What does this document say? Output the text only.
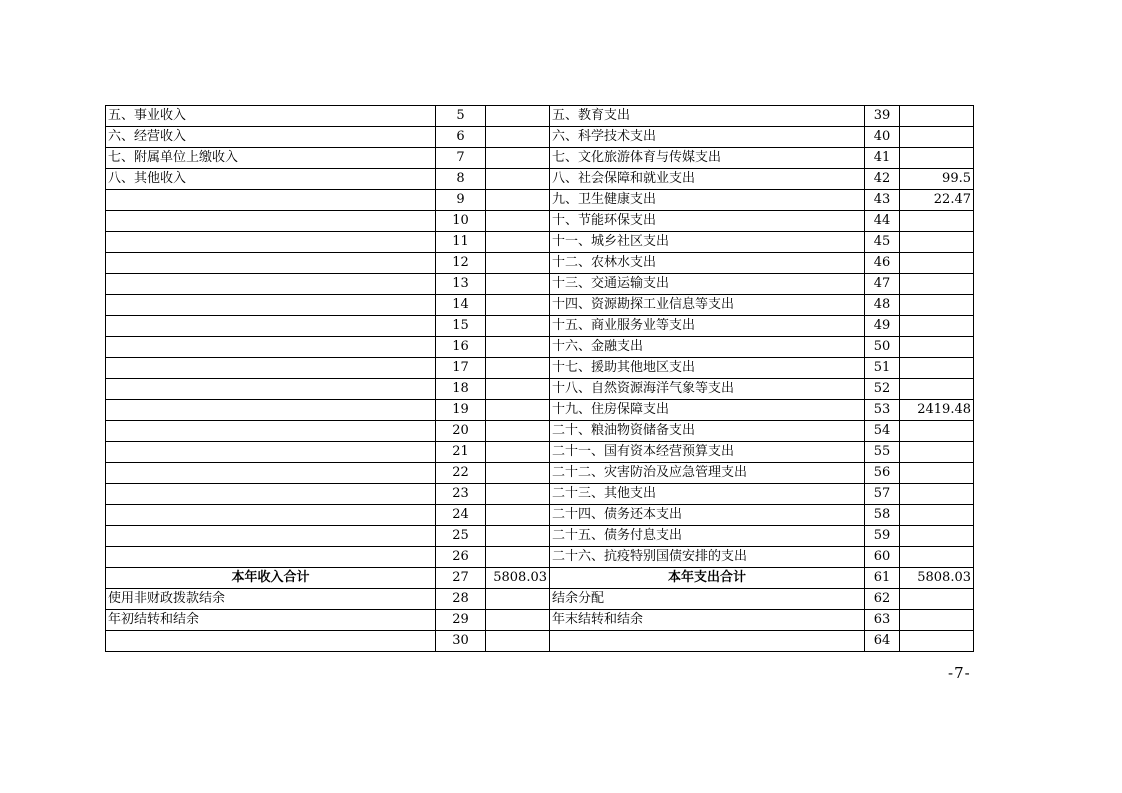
五、事业收入	5		五、教育支出	39	
六、经营收入	6		六、科学技术支出	40	
七、附属单位上缴收入	7		七、文化旅游体育与传媒支出	41	
八、其他收入	8		八、社会保障和就业支出	42	99.5
	9		九、卫生健康支出	43	22.47
	10		十、节能环保支出	44	
	11		十一、城乡社区支出	45	
	12		十二、农林水支出	46	
	13		十三、交通运输支出	47	
	14		十四、资源勘探工业信息等支出	48	
	15		十五、商业服务业等支出	49	
	16		十六、金融支出	50	
	17		十七、援助其他地区支出	51	
	18		十八、自然资源海洋气象等支出	52	
	19		十九、住房保障支出	53	2419.48
	20		二十、粮油物资储备支出	54	
	21		二十一、国有资本经营预算支出	55	
	22		二十二、灾害防治及应急管理支出	56	
	23		二十三、其他支出	57	
	24		二十四、债务还本支出	58	
	25		二十五、债务付息支出	59	
	26		二十六、抗疫特别国债安排的支出	60	
本年收入合计	27	5808.03	本年支出合计	61	5808.03
使用非财政拨款结余	28		结余分配	62	
年初结转和结余	29		年末结转和结余	63	
	30			64	
-7-
